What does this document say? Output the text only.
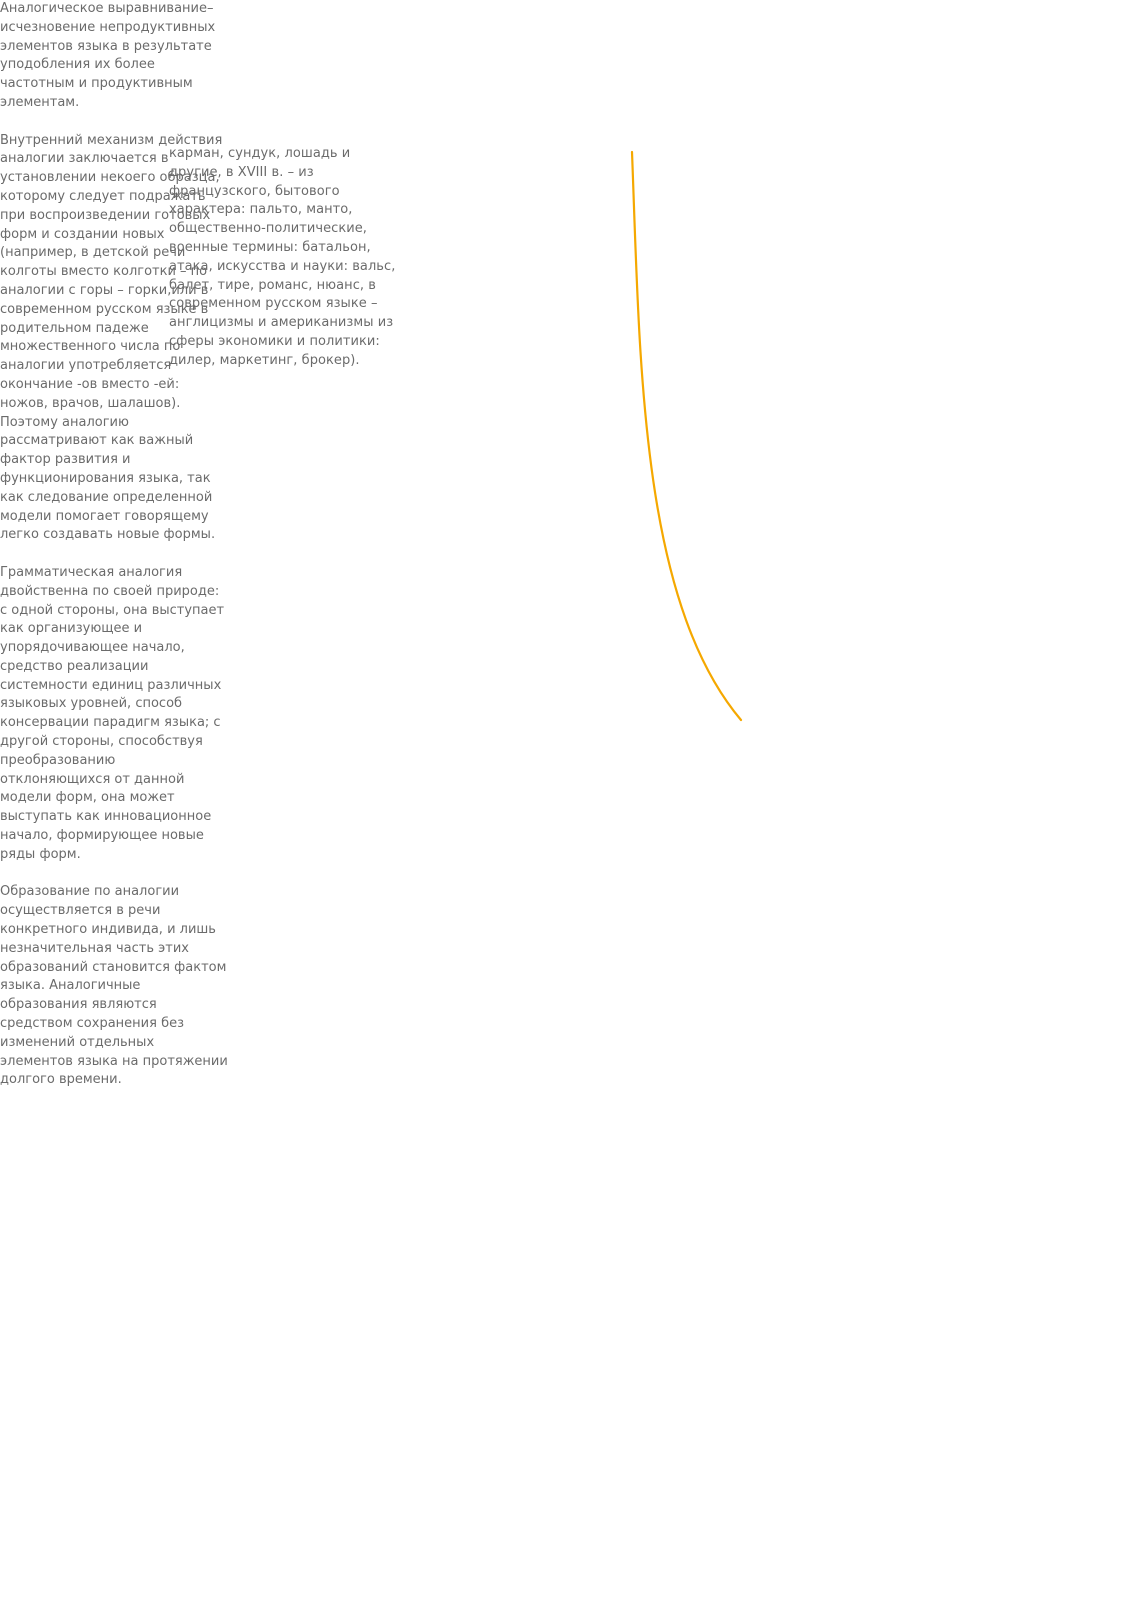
карман, сундук, лошадь и
другие, в XVIII в. – из
французского, бытового
характера: пальто, манто,
общественно-политические,
военные термины: батальон,
атака, искусства и науки: вальс,
балет, тире, романс, нюанс, в
современном русском языке –
англицизмы и американизмы из
сферы экономики и политики:
дилер, маркетинг, брокер).

Аналогическое выравнивание–
исчезновение непродуктивных
элементов языка в результате
уподобления их более
частотным и продуктивным
элементам.

Внутренний механизм действия
аналогии заключается в
установлении некоего образца,
которому следует подражать
при воспроизведении готовых
форм и создании новых
(например, в детской речи
колготы вместо колготки – по
аналогии с горы – горки,или в
современном русском языке в
родительном падеже
множественного числа по
аналогии употребляется
окончание -ов вместо -ей:
ножов, врачов, шалашов).
Поэтому аналогию
рассматривают как важный
фактор развития и
функционирования языка, так
как следование определенной
модели помогает говорящему
легко создавать новые формы.

Грамматическая аналогия
двойственна по своей природе:
с одной стороны, она выступает
как организующее и
упорядочивающее начало,
средство реализации
системности единиц различных
языковых уровней, способ
консервации парадигм языка; с
другой стороны, способствуя
преобразованию
отклоняющихся от данной
модели форм, она может
выступать как инновационное
начало, формирующее новые
ряды форм.

Образование по аналогии
осуществляется в речи
конкретного индивида, и лишь
незначительная часть этих
образований становится фактом
языка. Аналогичные
образования являются
средством сохранения без
изменений отдельных
элементов языка на протяжении
долгого времени.
